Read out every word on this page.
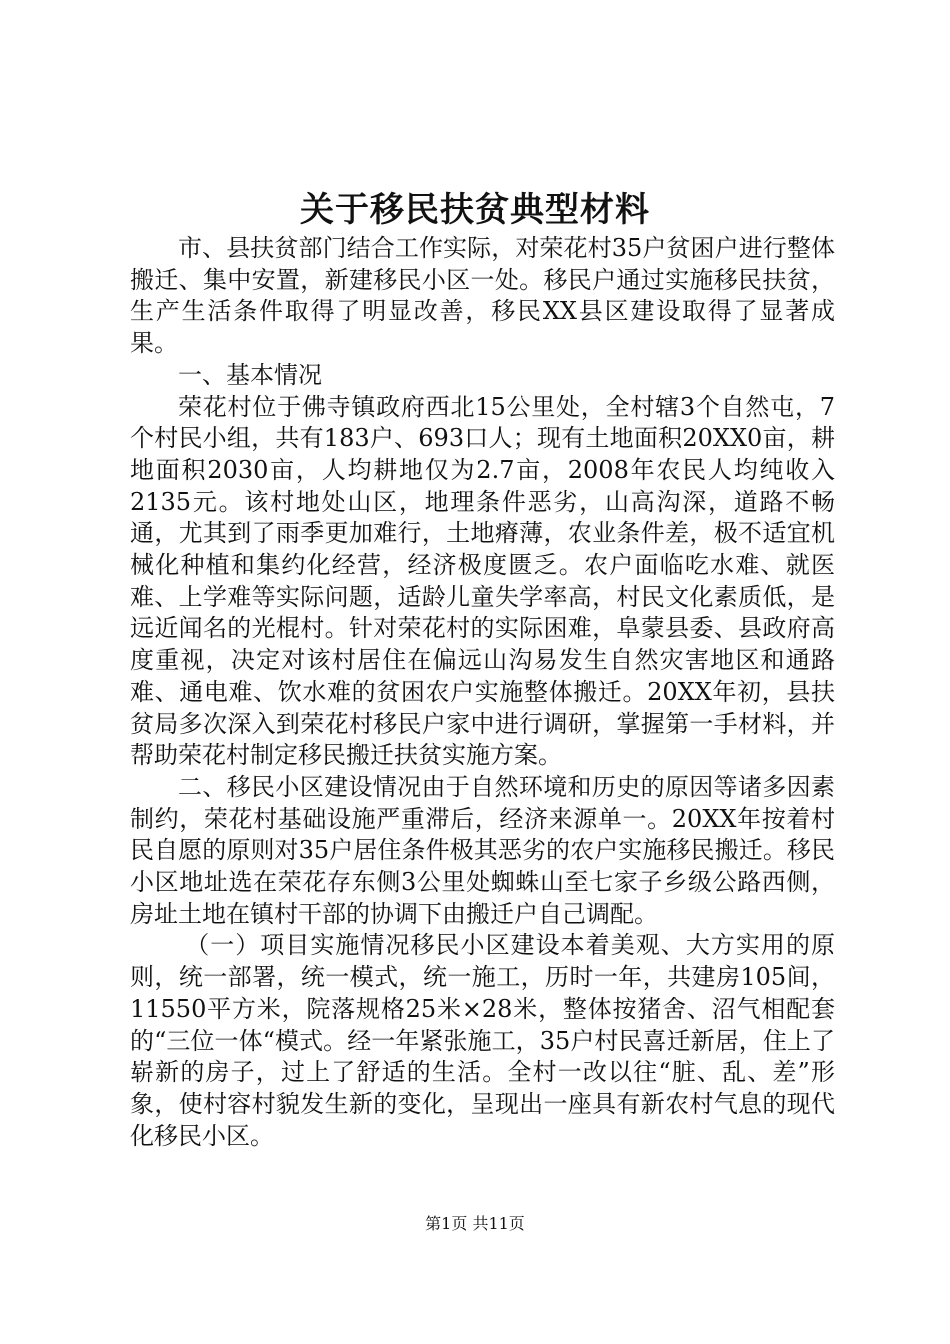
关于移民扶贫典型材料

市、县扶贫部门结合工作实际，对荣花村35户贫困户进行整体搬迁、集中安置，新建移民小区一处。移民户通过实施移民扶贫，生产生活条件取得了明显改善，移民XX县区建设取得了显著成果。

一、基本情况

荣花村位于佛寺镇政府西北15公里处，全村辖3个自然屯，7个村民小组，共有183户、693口人；现有土地面积20XX0亩，耕地面积2030亩，人均耕地仅为2.7亩，2008年农民人均纯收入2135元。该村地处山区，地理条件恶劣，山高沟深，道路不畅通，尤其到了雨季更加难行，土地瘠薄，农业条件差，极不适宜机械化种植和集约化经营，经济极度匮乏。农户面临吃水难、就医难、上学难等实际问题，适龄儿童失学率高，村民文化素质低，是远近闻名的光棍村。针对荣花村的实际困难，阜蒙县委、县政府高度重视，决定对该村居住在偏远山沟易发生自然灾害地区和通路难、通电难、饮水难的贫困农户实施整体搬迁。20XX年初，县扶贫局多次深入到荣花村移民户家中进行调研，掌握第一手材料，并帮助荣花村制定移民搬迁扶贫实施方案。

二、移民小区建设情况由于自然环境和历史的原因等诸多因素制约，荣花村基础设施严重滞后，经济来源单一。20XX年按着村民自愿的原则对35户居住条件极其恶劣的农户实施移民搬迁。移民小区地址选在荣花存东侧3公里处蜘蛛山至七家子乡级公路西侧，房址土地在镇村干部的协调下由搬迁户自己调配。

（一）项目实施情况移民小区建设本着美观、大方实用的原则，统一部署，统一模式，统一施工，历时一年，共建房105间，11550平方米，院落规格25米×28米，整体按猪舍、沼气相配套的“三位一体“模式。经一年紧张施工，35户村民喜迁新居，住上了崭新的房子，过上了舒适的生活。全村一改以往“脏、乱、差”形象，使村容村貌发生新的变化，呈现出一座具有新农村气息的现代化移民小区。

第1页 共11页
